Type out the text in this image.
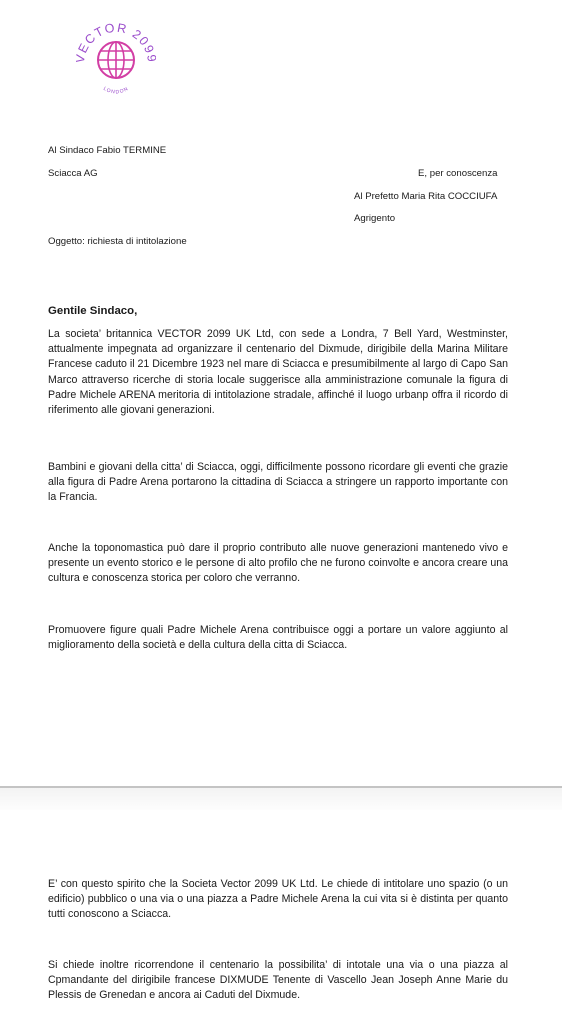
ECTOR 209
LONDON
Al Sindaco Fabio TERMINE
Sciacca AG	E, per conoscenza
Al Prefetto Maria Rita COCCIUFA
Agrigento
Oggetto: richiesta di intitolazione
Gentile Sindaco,
La societa’ britannica VECTOR 2099 UK Ltd, con sede a Londra, 7 Bell Yard, Westminster, attualmente impegnata ad organizzare il centenario del Dixmude, dirigibile della Marina Militare Francese caduto il 21 Dicembre 1923 nel mare di Sciacca e presumibilmente al largo di Capo San Marco attraverso ricerche di storia locale suggerisce alla amministrazione comunale la figura di Padre Michele ARENA meritoria di intitolazione stradale, affinché il luogo urbanp offra il ricordo di riferimento alle giovani generazioni.
Bambini e giovani della citta’ di Sciacca, oggi, difficilmente possono ricordare gli eventi che grazie alla figura di Padre Arena portarono la cittadina di Sciacca a stringere un rapporto importante con la Francia.
Anche la toponomastica può dare il proprio contributo alle nuove generazioni mantenedo vivo e presente un evento storico e le persone di alto profilo che ne furono coinvolte e ancora creare una cultura e conoscenza storica per coloro che verranno.
Promuovere figure quali Padre Michele Arena contribuisce oggi a portare un valore aggiunto al miglioramento della società e della cultura della citta di Sciacca.
E’ con questo spirito che la Societa Vector 2099 UK Ltd. Le chiede di intitolare uno spazio (o un edificio) pubblico o una via o una piazza a Padre Michele Arena la cui vita si è distinta per quanto tutti conoscono a Sciacca.
Si chiede inoltre ricorrendone il centenario la possibilita’ di intotale una via o una piazza al Cpmandante del dirigibile francese DIXMUDE Tenente di Vascello Jean Joseph Anne Marie du Plessis de Grenedan e ancora ai Caduti del Dixmude.
